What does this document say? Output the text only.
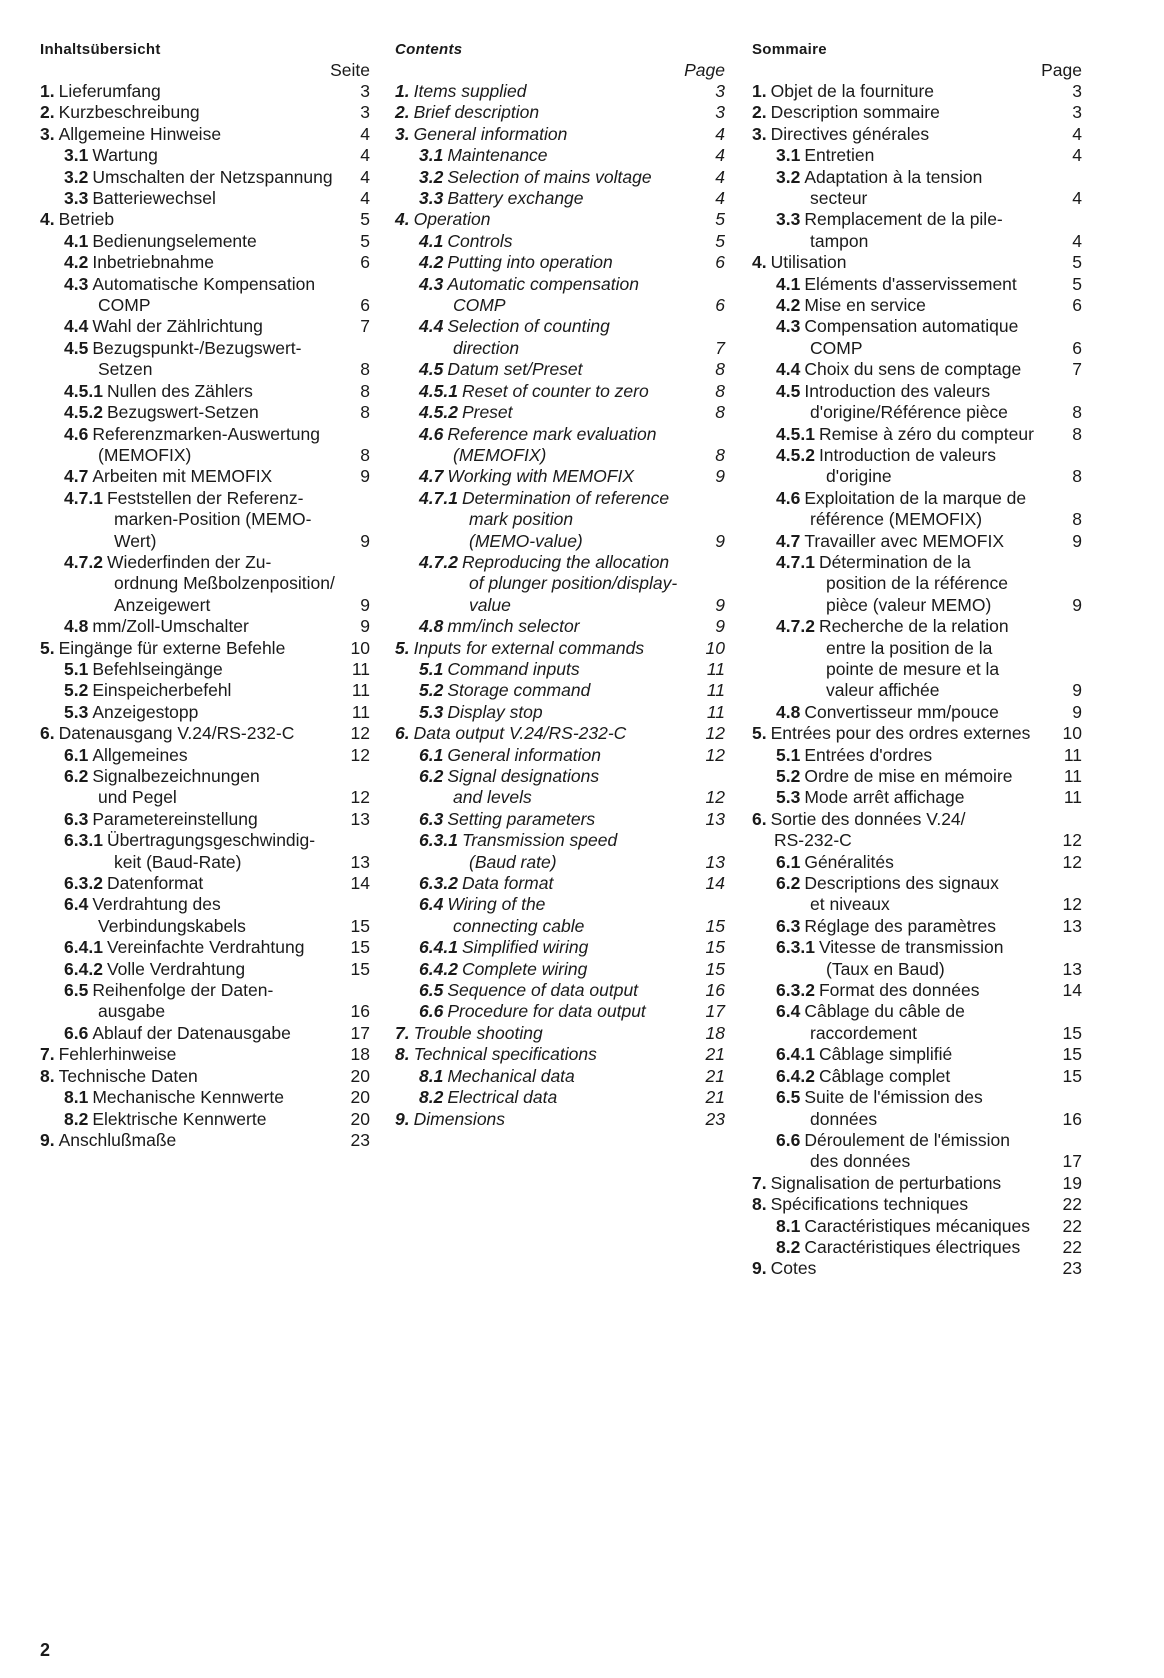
Inhaltsübersicht
Seite
1. Lieferumfang	3
2. Kurzbeschreibung	3
3. Allgemeine Hinweise	4
3.1 Wartung	4
3.2 Umschalten der Netzspannung	4
3.3 Batteriewechsel	4
4. Betrieb	5
4.1 Bedienungselemente	5
4.2 Inbetriebnahme	6
4.3 Automatische Kompensation
COMP	6
4.4 Wahl der Zählrichtung	7
4.5 Bezugspunkt-/Bezugswert-
Setzen	8
4.5.1 Nullen des Zählers	8
4.5.2 Bezugswert-Setzen	8
4.6 Referenzmarken-Auswertung
(MEMOFIX)	8
4.7 Arbeiten mit MEMOFIX	9
4.7.1 Feststellen der Referenz-
marken-Position (MEMO-
Wert)	9
4.7.2 Wiederfinden der Zu-
ordnung Meßbolzenposition/
Anzeigewert	9
4.8 mm/Zoll-Umschalter	9
5. Eingänge für externe Befehle	10
5.1 Befehlseingänge	11
5.2 Einspeicherbefehl	11
5.3 Anzeigestopp	11
6. Datenausgang V.24/RS-232-C	12
6.1 Allgemeines	12
6.2 Signalbezeichnungen
und Pegel	12
6.3 Parametereinstellung	13
6.3.1 Übertragungsgeschwindig-
keit (Baud-Rate)	13
6.3.2 Datenformat	14
6.4 Verdrahtung des
Verbindungskabels	15
6.4.1 Vereinfachte Verdrahtung	15
6.4.2 Volle Verdrahtung	15
6.5 Reihenfolge der Daten-
ausgabe	16
6.6 Ablauf der Datenausgabe	17
7. Fehlerhinweise	18
8. Technische Daten	20
8.1 Mechanische Kennwerte	20
8.2 Elektrische Kennwerte	20
9. Anschlußmaße	23
Contents
Page
1. Items supplied	3
2. Brief description	3
3. General information	4
3.1 Maintenance	4
3.2 Selection of mains voltage	4
3.3 Battery exchange	4
4. Operation	5
4.1 Controls	5
4.2 Putting into operation	6
4.3 Automatic compensation
COMP	6
4.4 Selection of counting
direction	7
4.5 Datum set/Preset	8
4.5.1 Reset of counter to zero	8
4.5.2 Preset	8
4.6 Reference mark evaluation
(MEMOFIX)	8
4.7 Working with MEMOFIX	9
4.7.1 Determination of reference
mark position
(MEMO-value)	9
4.7.2 Reproducing the allocation
of plunger position/display-
value	9
4.8 mm/inch selector	9
5. Inputs for external commands	10
5.1 Command inputs	11
5.2 Storage command	11
5.3 Display stop	11
6. Data output V.24/RS-232-C	12
6.1 General information	12
6.2 Signal designations
and levels	12
6.3 Setting parameters	13
6.3.1 Transmission speed
(Baud rate)	13
6.3.2 Data format	14
6.4 Wiring of the
connecting cable	15
6.4.1 Simplified wiring	15
6.4.2 Complete wiring	15
6.5 Sequence of data output	16
6.6 Procedure for data output	17
7. Trouble shooting	18
8. Technical specifications	21
8.1 Mechanical data	21
8.2 Electrical data	21
9. Dimensions	23
Sommaire
Page
1. Objet de la fourniture	3
2. Description sommaire	3
3. Directives générales	4
3.1 Entretien	4
3.2 Adaptation à la tension
secteur	4
3.3 Remplacement de la pile-
tampon	4
4. Utilisation	5
4.1 Eléments d'asservissement	5
4.2 Mise en service	6
4.3 Compensation automatique
COMP	6
4.4 Choix du sens de comptage	7
4.5 Introduction des valeurs
d'origine/Référence pièce	8
4.5.1 Remise à zéro du compteur	8
4.5.2 Introduction de valeurs
d'origine	8
4.6 Exploitation de la marque de
référence (MEMOFIX)	8
4.7 Travailler avec MEMOFIX	9
4.7.1 Détermination de la
position de la référence
pièce (valeur MEMO)	9
4.7.2 Recherche de la relation
entre la position de la
pointe de mesure et la
valeur affichée	9
4.8 Convertisseur mm/pouce	9
5. Entrées pour des ordres externes	10
5.1 Entrées d'ordres	11
5.2 Ordre de mise en mémoire	11
5.3 Mode arrêt affichage	11
6. Sortie des données V.24/
RS-232-C	12
6.1 Généralités	12
6.2 Descriptions des signaux
et niveaux	12
6.3 Réglage des paramètres	13
6.3.1 Vitesse de transmission
(Taux en Baud)	13
6.3.2 Format des données	14
6.4 Câblage du câble de
raccordement	15
6.4.1 Câblage simplifié	15
6.4.2 Câblage complet	15
6.5 Suite de l'émission des
données	16
6.6 Déroulement de l'émission
des données	17
7. Signalisation de perturbations	19
8. Spécifications techniques	22
8.1 Caractéristiques mécaniques	22
8.2 Caractéristiques électriques	22
9. Cotes	23
2
